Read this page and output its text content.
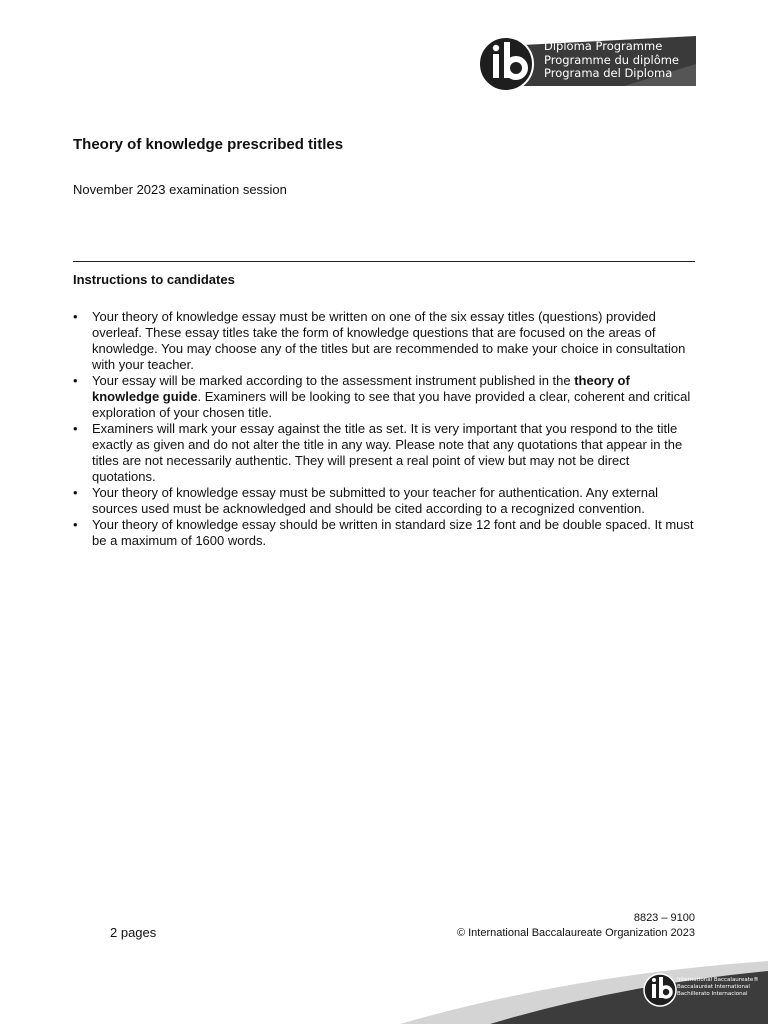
Diploma Programme
Programme du diplôme
Programa del Diploma
Theory of knowledge prescribed titles
November 2023 examination session
Instructions to candidates
• Your theory of knowledge essay must be written on one of the six essay titles (questions) provided overleaf. These essay titles take the form of knowledge questions that are focused on the areas of knowledge. You may choose any of the titles but are recommended to make your choice in consultation with your teacher.
• Your essay will be marked according to the assessment instrument published in the theory of knowledge guide. Examiners will be looking to see that you have provided a clear, coherent and critical exploration of your chosen title.
• Examiners will mark your essay against the title as set. It is very important that you respond to the title exactly as given and do not alter the title in any way. Please note that any quotations that appear in the titles are not necessarily authentic. They will present a real point of view but may not be direct quotations.
• Your theory of knowledge essay must be submitted to your teacher for authentication. Any external sources used must be acknowledged and should be cited according to a recognized convention.
• Your theory of knowledge essay should be written in standard size 12 font and be double spaced. It must be a maximum of 1600 words.
8823 – 9100
© International Baccalaureate Organization 2023
2 pages
International Baccalaureate®
Baccalauréat International
Bachillerato Internacional
